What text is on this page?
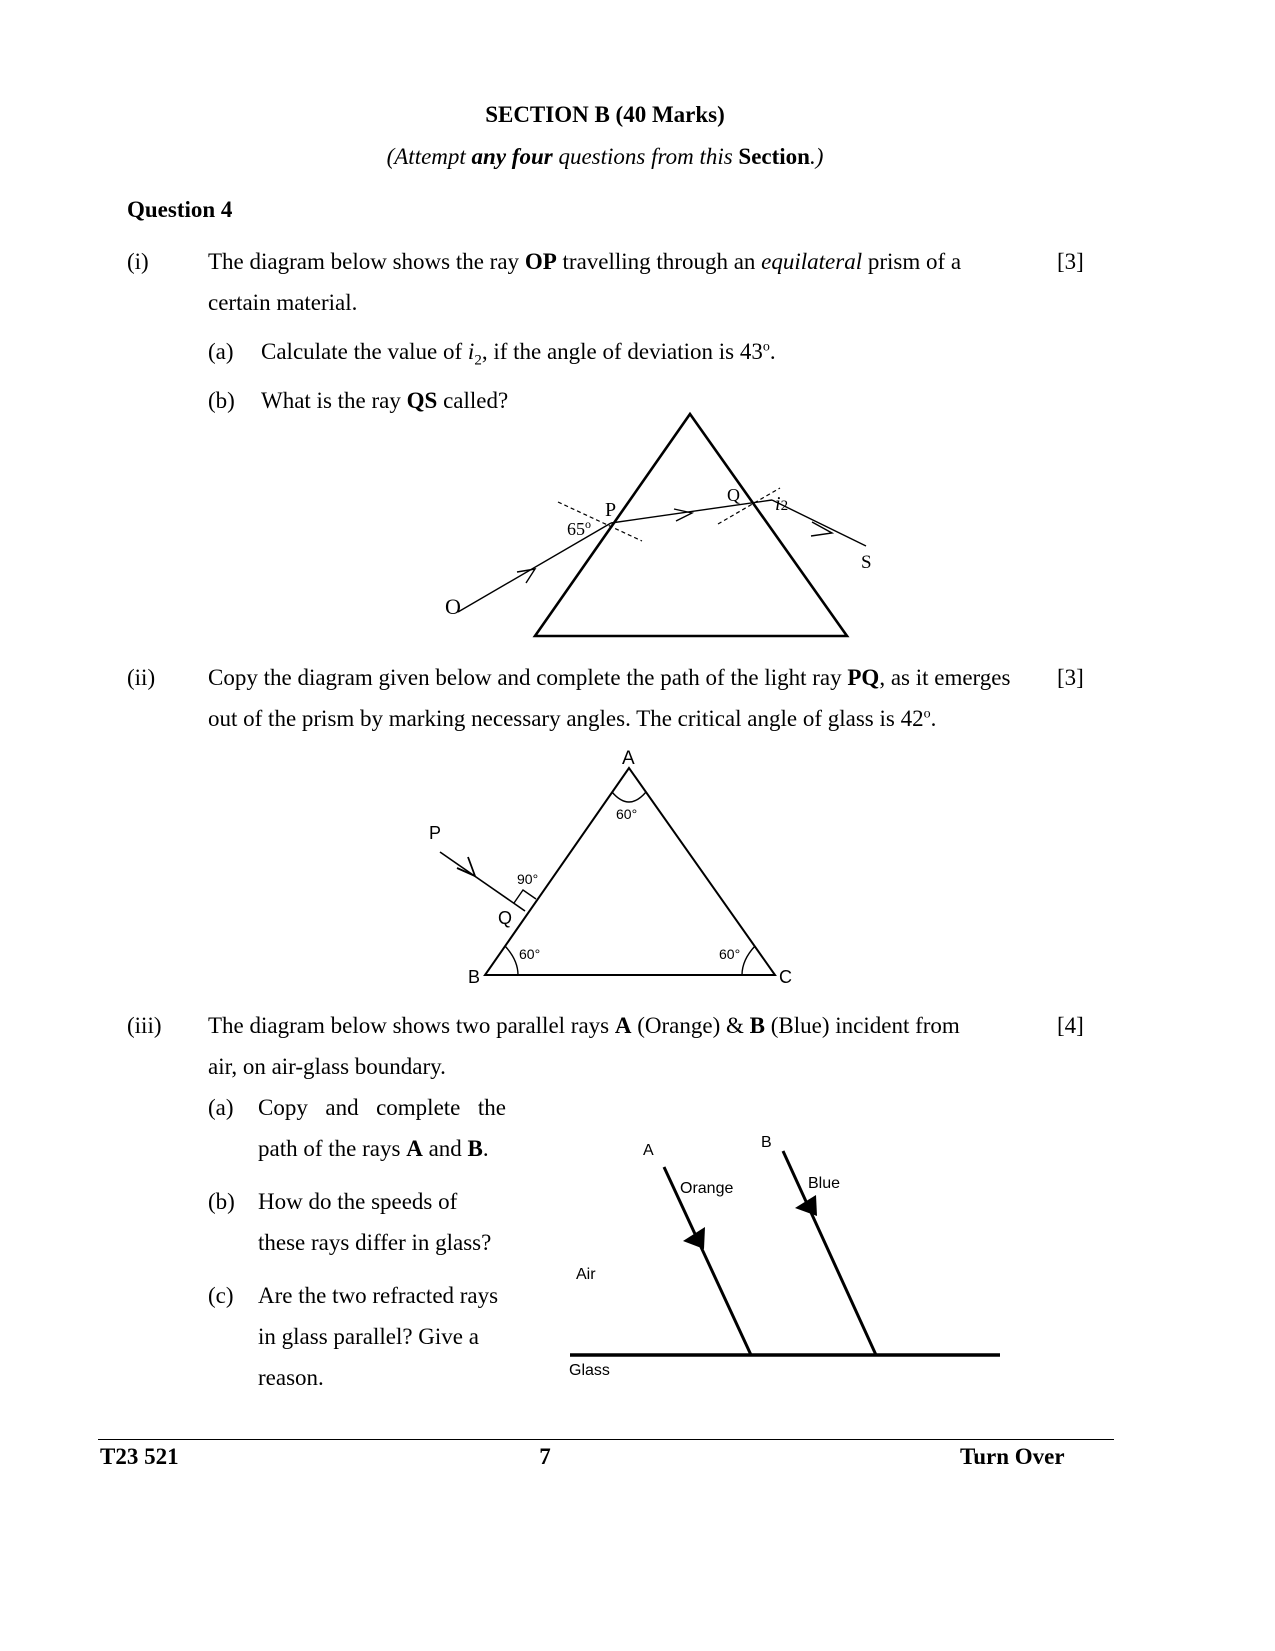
SECTION B (40 Marks)
(Attempt any four questions from this Section.)
Question 4
(i)	[3]
The diagram below shows the ray OP travelling through an equilateral prism of a
certain material.
(a) Calculate the value of $i_2$, if the angle of deviation is 43$^o$.
(b) What is the ray QS called?
P
Q
O
S
65$^o$
i2
(ii)	[3]
Copy the diagram given below and complete the path of the light ray PQ, as it emerges
out of the prism by marking necessary angles. The critical angle of glass is 42$^o$.
A
B	C
P
Q
60°
60°	60°
90°
(iii)	[4]
The diagram below shows two parallel rays A (Orange) & B (Blue) incident from
air, on air-glass boundary.
(a) Copy and complete the
path of the rays A and B.
(b) How do the speeds of
these rays differ in glass?
(c) Are the two refracted rays
in glass parallel? Give a
reason.
A	B
Orange	Blue
Air
Glass
T23 521	7	Turn Over
